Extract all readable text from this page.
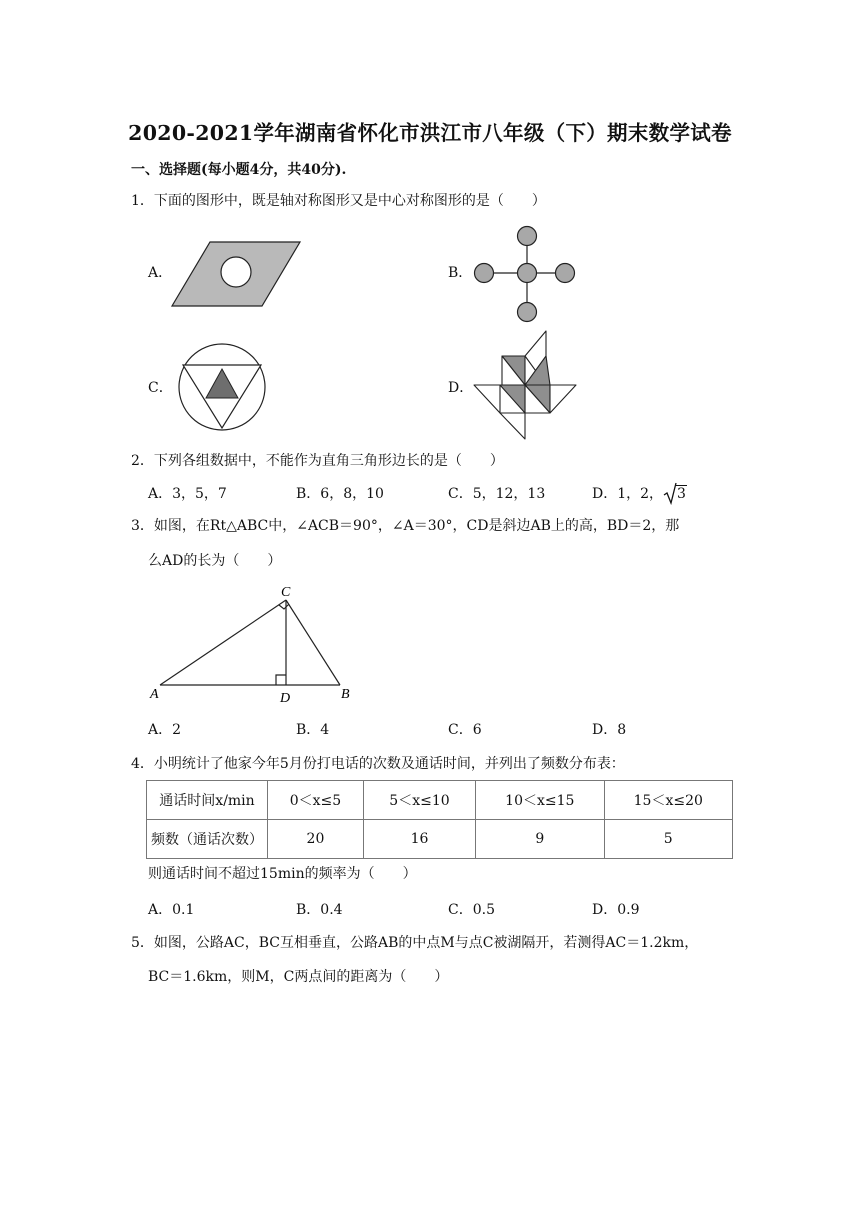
2020-2021学年湖南省怀化市洪江市八年级（下）期末数学试卷
一、选择题(每小题4分，共40分).
1．下面的图形中，既是轴对称图形又是中心对称图形的是（　　）
A．	B．
C．	D．
2．下列各组数据中，不能作为直角三角形边长的是（　　）
A．3，5，7	B．6，8，10	C．5，12，13	D．1，2， 3
3．如图，在Rt△ABC中，∠ACB＝90°，∠A＝30°，CD是斜边AB上的高，BD＝2，那
么AD的长为（　　）
A	B
C
D
A．2	B．4	C．6	D．8
4．小明统计了他家今年5月份打电话的次数及通话时间，并列出了频数分布表：
通话时间x/min	0＜x≤5	5＜x≤10	10＜x≤15	15＜x≤20
频数（通话次数）	20	16	9	5
则通话时间不超过15min的频率为（　　）
A．0.1	B．0.4	C．0.5	D．0.9
5．如图，公路AC，BC互相垂直，公路AB的中点M与点C被湖隔开，若测得AC＝1.2km，
BC＝1.6km，则M，C两点间的距离为（　　）
